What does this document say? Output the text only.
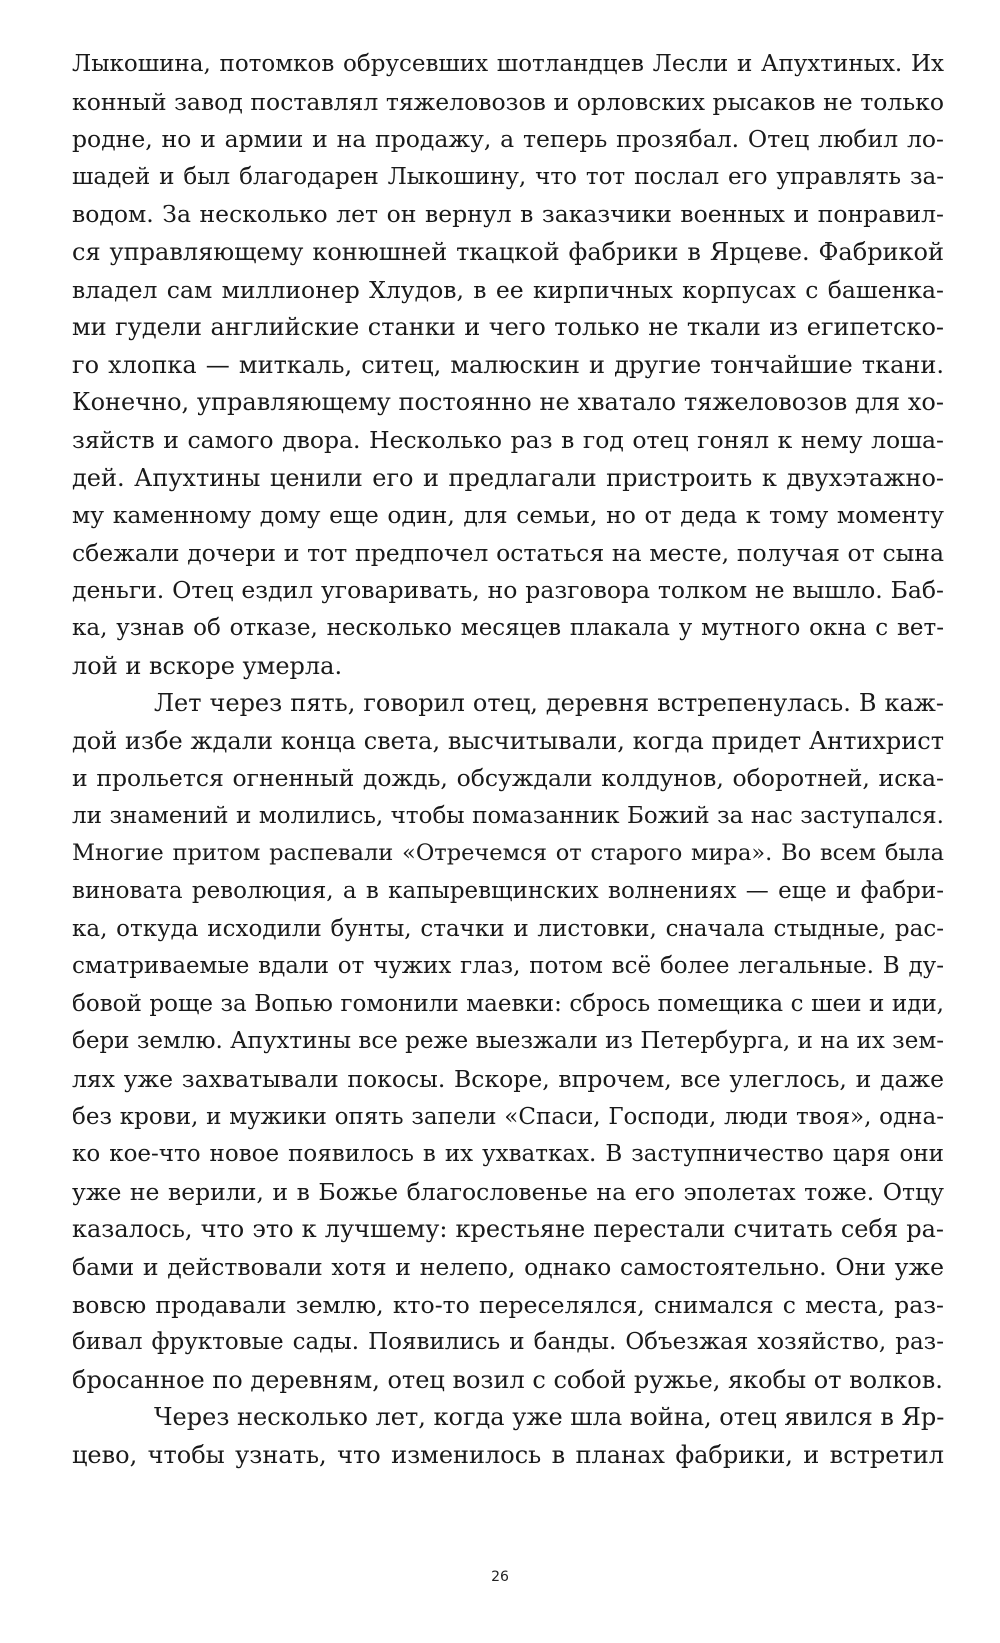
Лыкошина, потомков обрусевших шотландцев Лесли и Апухтиных. Их
конный завод поставлял тяжеловозов и орловских рысаков не только
родне, но и армии и на продажу, а теперь прозябал. Отец любил ло-
шадей и был благодарен Лыкошину, что тот послал его управлять за-
водом. За несколько лет он вернул в заказчики военных и понравил-
ся управляющему конюшней ткацкой фабрики в Ярцеве. Фабрикой
владел сам миллионер Хлудов, в ее кирпичных корпусах с башенка-
ми гудели английские станки и чего только не ткали из египетско-
го хлопка — миткаль, ситец, малюскин и другие тончайшие ткани.
Конечно, управляющему постоянно не хватало тяжеловозов для хо-
зяйств и самого двора. Несколько раз в год отец гонял к нему лоша-
дей. Апухтины ценили его и предлагали пристроить к двухэтажно-
му каменному дому еще один, для семьи, но от деда к тому моменту
сбежали дочери и тот предпочел остаться на месте, получая от сына
деньги. Отец ездил уговаривать, но разговора толком не вышло. Баб-
ка, узнав об отказе, несколько месяцев плакала у мутного окна с вет-
лой и вскоре умерла.
Лет через пять, говорил отец, деревня встрепенулась. В каж-
дой избе ждали конца света, высчитывали, когда придет Антихрист
и прольется огненный дождь, обсуждали колдунов, оборотней, иска-
ли знамений и молились, чтобы помазанник Божий за нас заступался.
Многие притом распевали «Отречемся от старого мира». Во всем была
виновата революция, а в капыревщинских волнениях — еще и фабри-
ка, откуда исходили бунты, стачки и листовки, сначала стыдные, рас-
сматриваемые вдали от чужих глаз, потом всё более легальные. В ду-
бовой роще за Вопью гомонили маевки: сбрось помещика с шеи и иди,
бери землю. Апухтины все реже выезжали из Петербурга, и на их зем-
лях уже захватывали покосы. Вскоре, впрочем, все улеглось, и даже
без крови, и мужики опять запели «Спаси, Господи, люди твоя», одна-
ко кое-что новое появилось в их ухватках. В заступничество царя они
уже не верили, и в Божье благословенье на его эполетах тоже. Отцу
казалось, что это к лучшему: крестьяне перестали считать себя ра-
бами и действовали хотя и нелепо, однако самостоятельно. Они уже
вовсю продавали землю, кто-то переселялся, снимался с места, раз-
бивал фруктовые сады. Появились и банды. Объезжая хозяйство, раз-
бросанное по деревням, отец возил с собой ружье, якобы от волков.
Через несколько лет, когда уже шла война, отец явился в Яр-
цево, чтобы узнать, что изменилось в планах фабрики, и встретил
26
